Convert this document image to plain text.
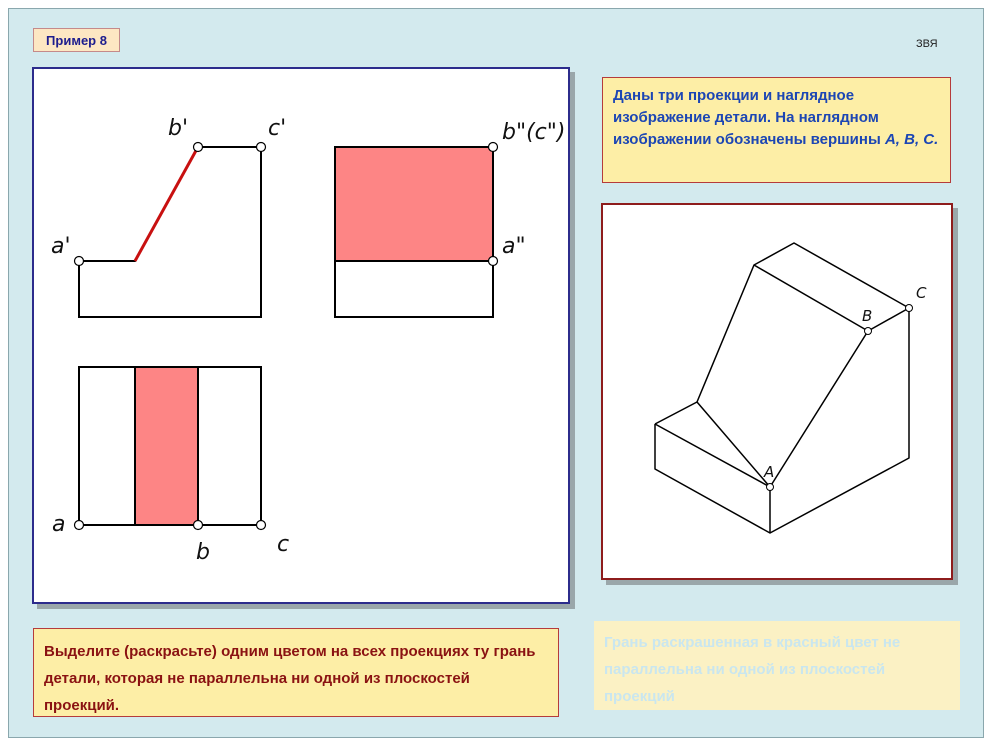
Пример 8	ЗВЯ
b'	c'
a'
b"(c")
a"
a
b	c
Даны три проекции и наглядное изображение детали. На наглядном изображении обозначены вершины A, B, C.
A
B
C
Выделите (раскрасьте) одним цветом на всех проекциях ту грань детали, которая не параллельна ни одной из плоскостей проекций.
Грань раскрашенная в красный цвет не параллельна ни одной из плоскостей проекций
